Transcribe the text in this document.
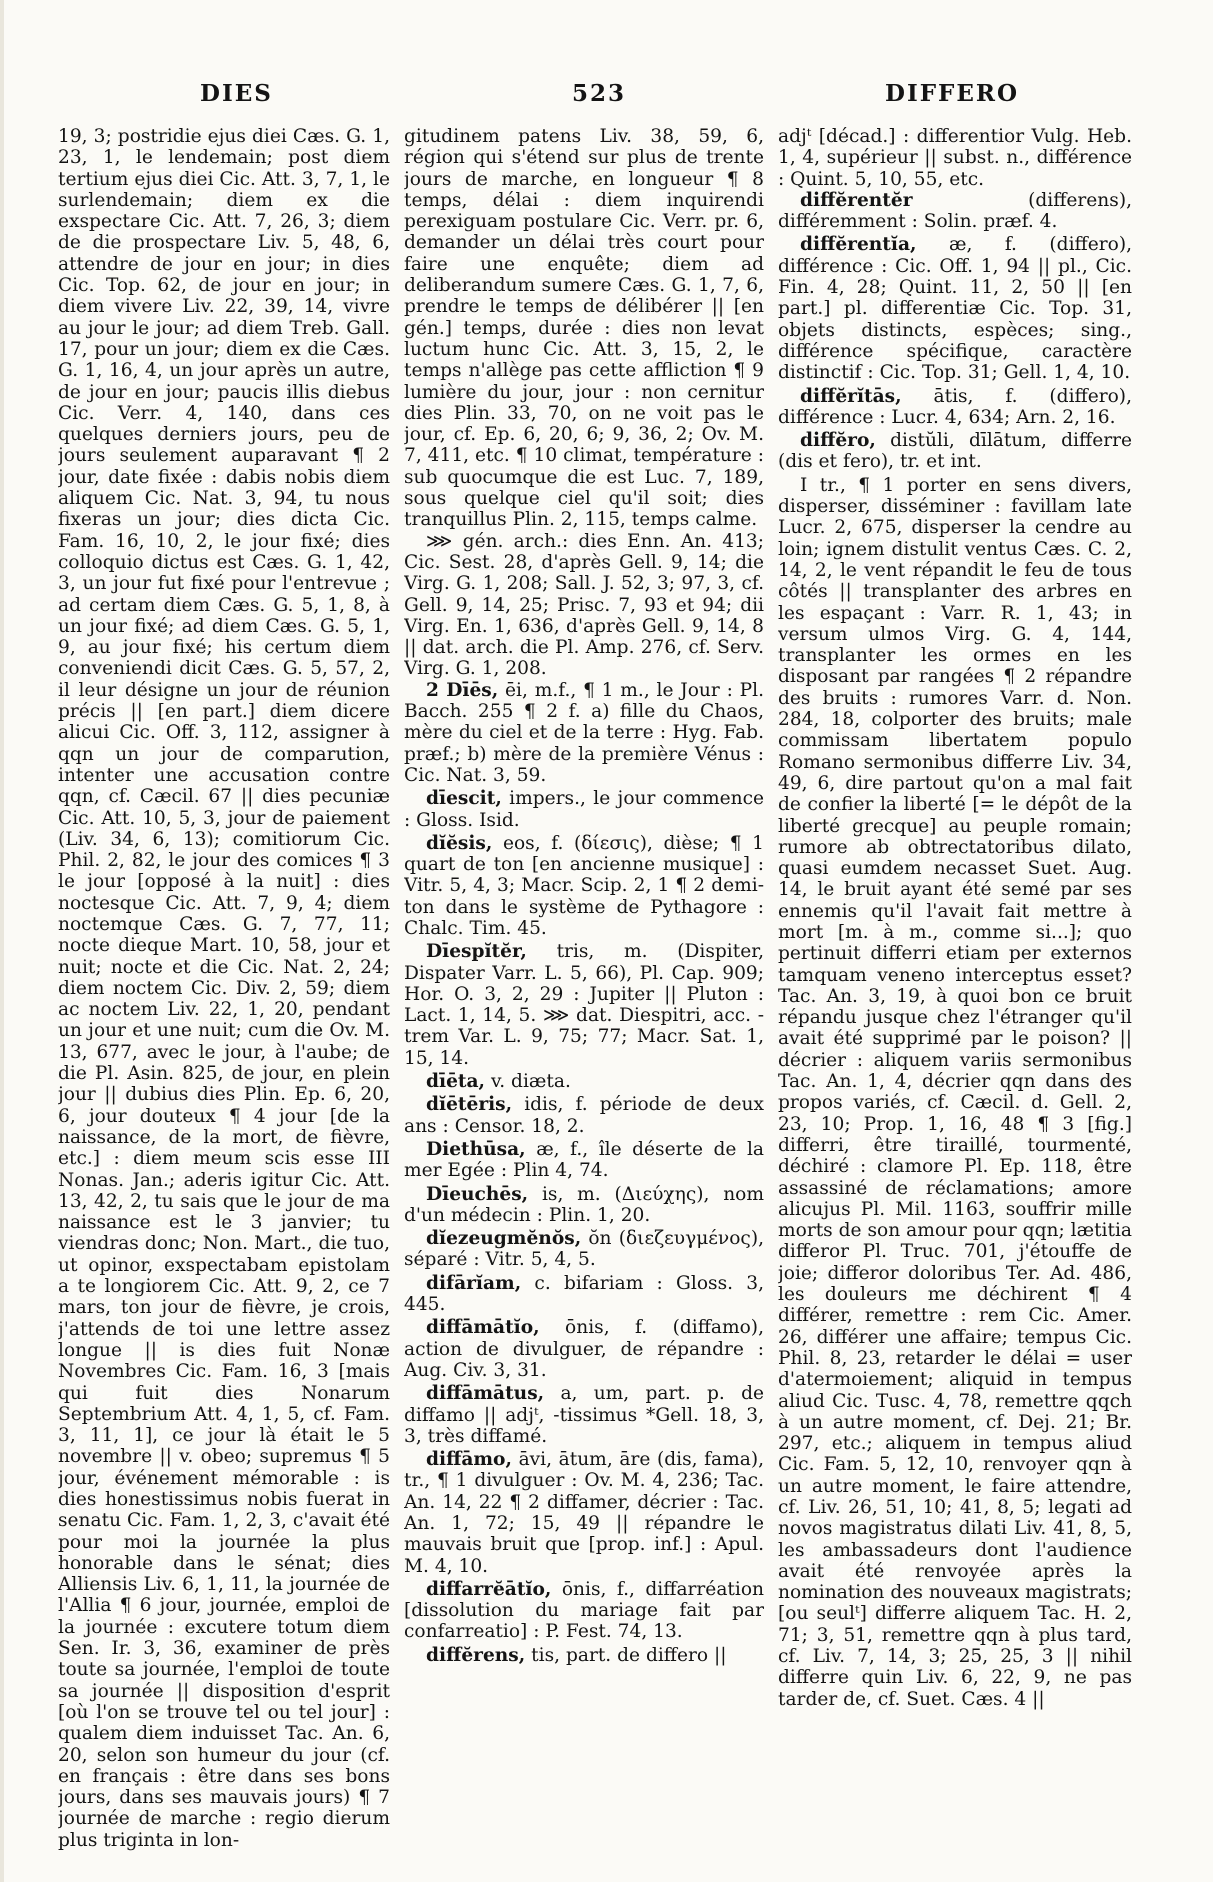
DIES	523	DIFFERO

19, 3; postridie ejus diei Cæs. G. 1, 23, 1, le lendemain; post diem tertium ejus diei Cic. Att. 3, 7, 1, le surlendemain; diem ex die exspectare Cic. Att. 7, 26, 3; diem de die prospectare Liv. 5, 48, 6, attendre de jour en jour; in dies Cic. Top. 62, de jour en jour; in diem vivere Liv. 22, 39, 14, vivre au jour le jour; ad diem Treb. Gall. 17, pour un jour; diem ex die Cæs. G. 1, 16, 4, un jour après un autre, de jour en jour; paucis illis diebus Cic. Verr. 4, 140, dans ces quelques derniers jours, peu de jours seulement auparavant ¶ 2 jour, date fixée : dabis nobis diem aliquem Cic. Nat. 3, 94, tu nous fixeras un jour; dies dicta Cic. Fam. 16, 10, 2, le jour fixé; dies colloquio dictus est Cæs. G. 1, 42, 3, un jour fut fixé pour l'entrevue ; ad certam diem Cæs. G. 5, 1, 8, à un jour fixé; ad diem Cæs. G. 5, 1, 9, au jour fixé; his certum diem conveniendi dicit Cæs. G. 5, 57, 2, il leur désigne un jour de réunion précis || [en part.] diem dicere alicui Cic. Off. 3, 112, assigner à qqn un jour de comparution, intenter une accusation contre qqn, cf. Cæcil. 67 || dies pecuniæ Cic. Att. 10, 5, 3, jour de paiement (Liv. 34, 6, 13); comitiorum Cic. Phil. 2, 82, le jour des comices ¶ 3 le jour [opposé à la nuit] : dies noctesque Cic. Att. 7, 9, 4; diem noctemque Cæs. G. 7, 77, 11; nocte dieque Mart. 10, 58, jour et nuit; nocte et die Cic. Nat. 2, 24; diem noctem Cic. Div. 2, 59; diem ac noctem Liv. 22, 1, 20, pendant un jour et une nuit; cum die Ov. M. 13, 677, avec le jour, à l'aube; de die Pl. Asin. 825, de jour, en plein jour || dubius dies Plin. Ep. 6, 20, 6, jour douteux ¶ 4 jour [de la naissance, de la mort, de fièvre, etc.] : diem meum scis esse III Nonas. Jan.; aderis igitur Cic. Att. 13, 42, 2, tu sais que le jour de ma naissance est le 3 janvier; tu viendras donc; Non. Mart., die tuo, ut opinor, exspectabam epistolam a te longiorem Cic. Att. 9, 2, ce 7 mars, ton jour de fièvre, je crois, j'attends de toi une lettre assez longue || is dies fuit Nonæ Novembres Cic. Fam. 16, 3 [mais qui fuit dies Nonarum Septembrium Att. 4, 1, 5, cf. Fam. 3, 11, 1], ce jour là était le 5 novembre || v. obeo; supremus ¶ 5 jour, événement mémorable : is dies honestissimus nobis fuerat in senatu Cic. Fam. 1, 2, 3, c'avait été pour moi la journée la plus honorable dans le sénat; dies Alliensis Liv. 6, 1, 11, la journée de l'Allia ¶ 6 jour, journée, emploi de la journée : excutere totum diem Sen. Ir. 3, 36, examiner de près toute sa journée, l'emploi de toute sa journée || disposition d'esprit [où l'on se trouve tel ou tel jour] : qualem diem induisset Tac. An. 6, 20, selon son humeur du jour (cf. en français : être dans ses bons jours, dans ses mauvais jours) ¶ 7 journée de marche : regio dierum plus triginta in lon-

gitudinem patens Liv. 38, 59, 6, région qui s'étend sur plus de trente jours de marche, en longueur ¶ 8 temps, délai : diem inquirendi perexiguam postulare Cic. Verr. pr. 6, demander un délai très court pour faire une enquête; diem ad deliberandum sumere Cæs. G. 1, 7, 6, prendre le temps de délibérer || [en gén.] temps, durée : dies non levat luctum hunc Cic. Att. 3, 15, 2, le temps n'allège pas cette affliction ¶ 9 lumière du jour, jour : non cernitur dies Plin. 33, 70, on ne voit pas le jour, cf. Ep. 6, 20, 6; 9, 36, 2; Ov. M. 7, 411, etc. ¶ 10 climat, température : sub quocumque die est Luc. 7, 189, sous quelque ciel qu'il soit; dies tranquillus Plin. 2, 115, temps calme.

⋙ gén. arch.: dies Enn. An. 413; Cic. Sest. 28, d'après Gell. 9, 14; die Virg. G. 1, 208; Sall. J. 52, 3; 97, 3, cf. Gell. 9, 14, 25; Prisc. 7, 93 et 94; dii Virg. En. 1, 636, d'après Gell. 9, 14, 8 || dat. arch. die Pl. Amp. 276, cf. Serv. Virg. G. 1, 208.

2 Dīēs, ēi, m.f., ¶ 1 m., le Jour : Pl. Bacch. 255 ¶ 2 f. a) fille du Chaos, mère du ciel et de la terre : Hyg. Fab. præf.; b) mère de la première Vénus : Cic. Nat. 3, 59.
dīescit, impers., le jour commence : Gloss. Isid.
dĭĕsis, eos, f. (δίεσις), dièse; ¶ 1 quart de ton [en ancienne musique] : Vitr. 5, 4, 3; Macr. Scip. 2, 1 ¶ 2 demi-ton dans le système de Pythagore : Chalc. Tim. 45.
Dīespĭtĕr, tris, m. (Dispiter, Dispater Varr. L. 5, 66), Pl. Cap. 909; Hor. O. 3, 2, 29 : Jupiter || Pluton : Lact. 1, 14, 5. ⋙ dat. Diespitri, acc. -trem Var. L. 9, 75; 77; Macr. Sat. 1, 15, 14.
dīēta, v. diæta.
dĭētēris, idis, f. période de deux ans : Censor. 18, 2.
Diethūsa, æ, f., île déserte de la mer Egée : Plin 4, 74.
Dīeuchēs, is, m. (Διεύχης), nom d'un médecin : Plin. 1, 20.
dĭezeugmĕnŏs, ŏn (διεζευγμένος), séparé : Vitr. 5, 4, 5.
difārĭam, c. bifariam : Gloss. 3, 445.
diffāmātĭo, ōnis, f. (diffamo), action de divulguer, de répandre : Aug. Civ. 3, 31.
diffāmātus, a, um, part. p. de diffamo || adjᵗ, -tissimus *Gell. 18, 3, 3, très diffamé.
diffāmo, āvi, ātum, āre (dis, fama), tr., ¶ 1 divulguer : Ov. M. 4, 236; Tac. An. 14, 22 ¶ 2 diffamer, décrier : Tac. An. 1, 72; 15, 49 || répandre le mauvais bruit que [prop. inf.] : Apul. M. 4, 10.
diffarrĕātĭo, ōnis, f., diffarréation [dissolution du mariage fait par confarreatio] : P. Fest. 74, 13.
diffĕrens, tis, part. de differo ||

adjᵗ [décad.] : differentior Vulg. Heb. 1, 4, supérieur || subst. n., différence : Quint. 5, 10, 55, etc.

diffĕrentĕr	(differens), différemment : Solin. præf. 4.
diffĕrentĭa, æ, f. (differo), différence : Cic. Off. 1, 94 || pl., Cic. Fin. 4, 28; Quint. 11, 2, 50 || [en part.] pl. differentiæ Cic. Top. 31, objets distincts, espèces; sing., différence spécifique, caractère distinctif : Cic. Top. 31; Gell. 1, 4, 10.
diffĕrĭtās, ātis, f. (differo), différence : Lucr. 4, 634; Arn. 2, 16.
diffĕro, distŭli, dīlātum, differre (dis et fero), tr. et int.

I tr., ¶ 1 porter en sens divers, disperser, disséminer : favillam late Lucr. 2, 675, disperser la cendre au loin; ignem distulit ventus Cæs. C. 2, 14, 2, le vent répandit le feu de tous côtés || transplanter des arbres en les espaçant : Varr. R. 1, 43; in versum ulmos Virg. G. 4, 144, transplanter les ormes en les disposant par rangées ¶ 2 répandre des bruits : rumores Varr. d. Non. 284, 18, colporter des bruits; male commissam libertatem populo Romano sermonibus differre Liv. 34, 49, 6, dire partout qu'on a mal fait de confier la liberté [= le dépôt de la liberté grecque] au peuple romain; rumore ab obtrectatoribus dilato, quasi eumdem necasset Suet. Aug. 14, le bruit ayant été semé par ses ennemis qu'il l'avait fait mettre à mort [m. à m., comme si...]; quo pertinuit differri etiam per externos tamquam veneno interceptus esset? Tac. An. 3, 19, à quoi bon ce bruit répandu jusque chez l'étranger qu'il avait été supprimé par le poison? || décrier : aliquem variis sermonibus Tac. An. 1, 4, décrier qqn dans des propos variés, cf. Cæcil. d. Gell. 2, 23, 10; Prop. 1, 16, 48 ¶ 3 [fig.] differri, être tiraillé, tourmenté, déchiré : clamore Pl. Ep. 118, être assassiné de réclamations; amore alicujus Pl. Mil. 1163, souffrir mille morts de son amour pour qqn; lætitia differor Pl. Truc. 701, j'étouffe de joie; differor doloribus Ter. Ad. 486, les douleurs me déchirent ¶ 4 différer, remettre : rem Cic. Amer. 26, différer une affaire; tempus Cic. Phil. 8, 23, retarder le délai = user d'atermoiement; aliquid in tempus aliud Cic. Tusc. 4, 78, remettre qqch à un autre moment, cf. Dej. 21; Br. 297, etc.; aliquem in tempus aliud Cic. Fam. 5, 12, 10, renvoyer qqn à un autre moment, le faire attendre, cf. Liv. 26, 51, 10; 41, 8, 5; legati ad novos magistratus dilati Liv. 41, 8, 5, les ambassadeurs dont l'audience avait été renvoyée après la nomination des nouveaux magistrats; [ou seulᵗ] differre aliquem Tac. H. 2, 71; 3, 51, remettre qqn à plus tard, cf. Liv. 7, 14, 3; 25, 25, 3 || nihil differre quin Liv. 6, 22, 9, ne pas tarder de, cf. Suet. Cæs. 4 ||
